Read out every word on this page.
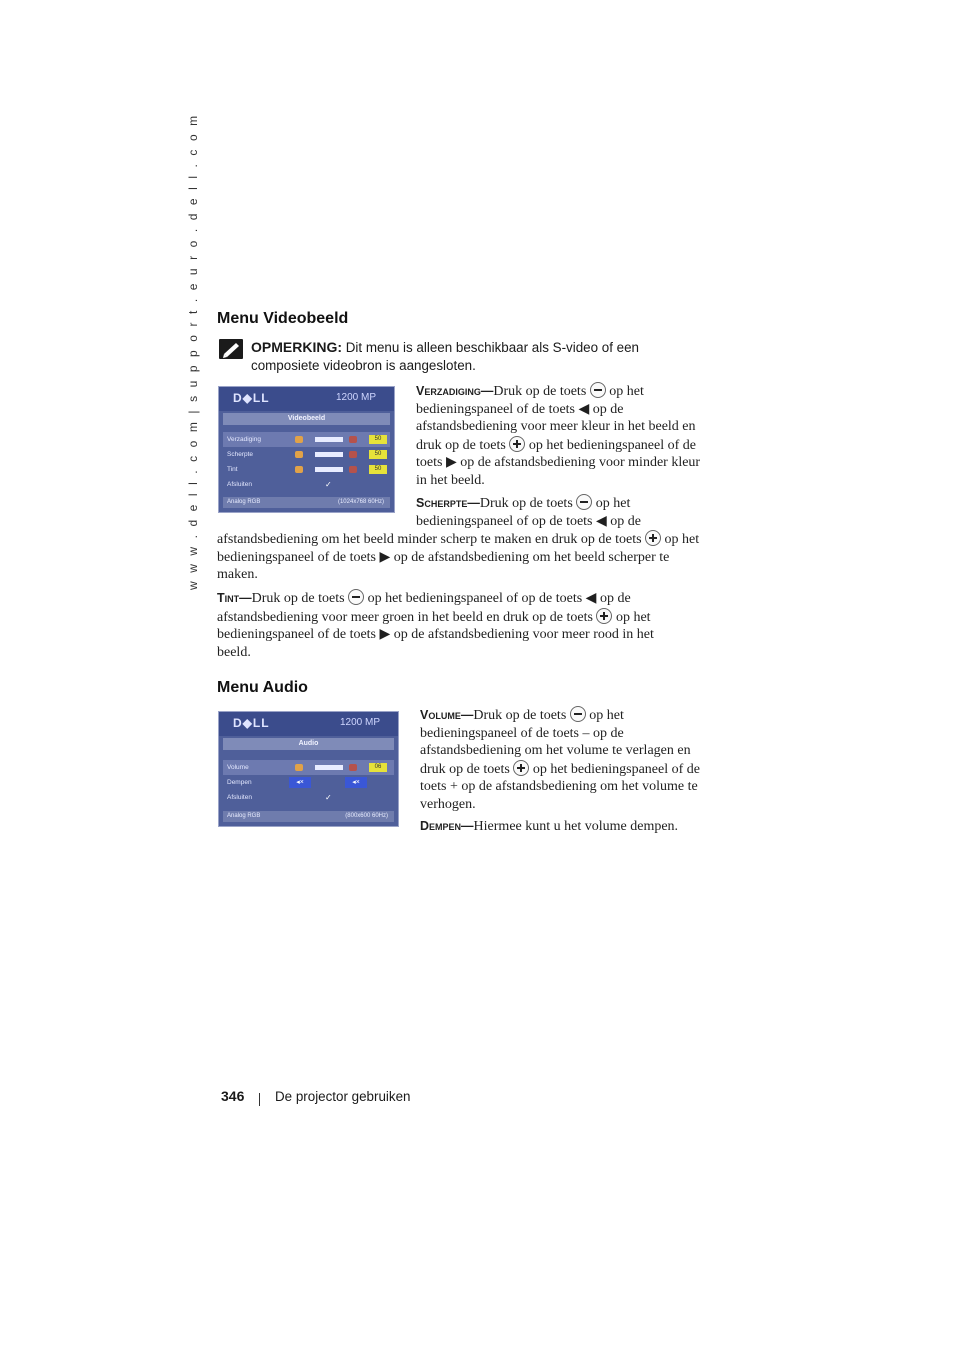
w w w . d e l l . c o m | s u p p o r t . e u r o . d e l l . c o m Menu Videobeeld
OPMERKING: Dit menu is alleen beschikbaar als S-video of een composiete videobron is aangesloten.
D◆LL	1200 MP
Videobeeld
Verzadiging	50
Scherpte	50
Tint	50
Afsluiten	✓
Analog RGB	(1024x768 60Hz)
Verzadiging—Druk op de toets  op het bedieningspaneel of de toets ◀ op de afstandsbediening voor meer kleur in het beeld en druk op de toets  op het bedieningspaneel of de toets ▶ op de afstandsbediening voor minder kleur in het beeld.
Scherpte—Druk op de toets  op het bedieningspaneel of op de toets ◀ op de
afstandsbediening om het beeld minder scherp te maken en druk op de toets  op het bedieningspaneel of de toets ▶ op de afstandsbediening om het beeld scherper te maken.
Tint—Druk op de toets  op het bedieningspaneel of op de toets ◀ op de afstandsbediening voor meer groen in het beeld en druk op de toets  op het bedieningspaneel of de toets ▶ op de afstandsbediening voor meer rood in het beeld.
Menu Audio
D◆LL	1200 MP
Audio
Volume	06
Dempen	◂×	◂×
Afsluiten	✓
Analog RGB	(800x600 60Hz)
Volume—Druk op de toets  op het bedieningspaneel of de toets – op de afstandsbediening om het volume te verlagen en druk op de toets  op het bedieningspaneel of de toets + op de afstandsbediening om het volume te verhogen.
Dempen—Hiermee kunt u het volume dempen.
346 De projector gebruiken
